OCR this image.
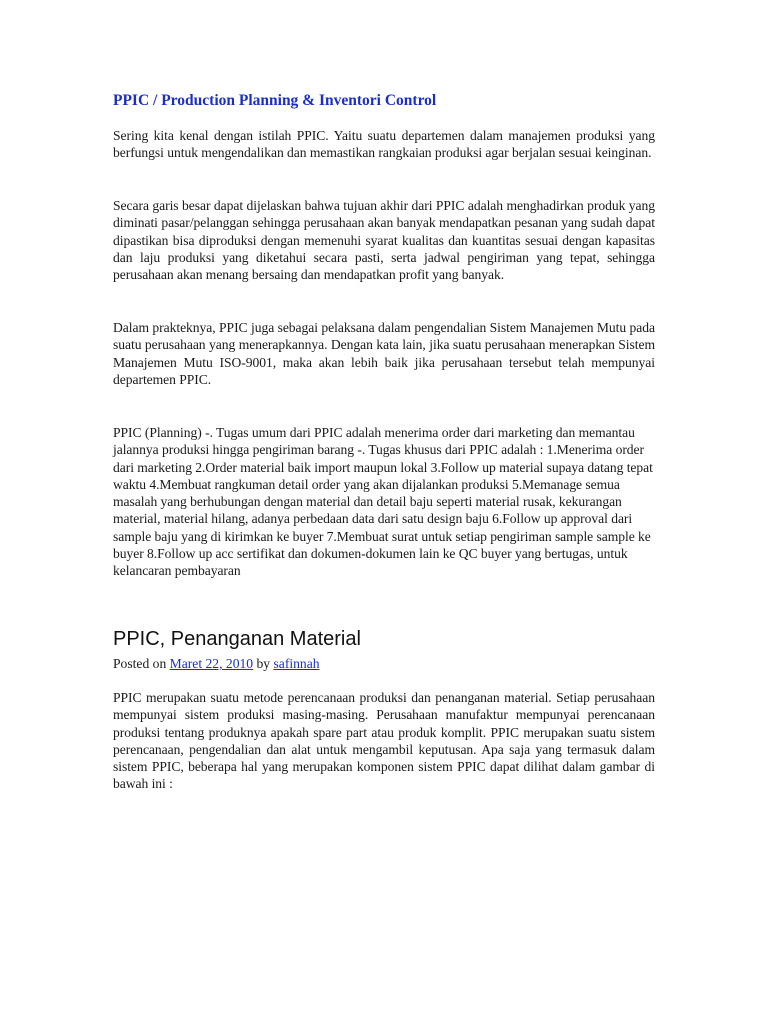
PPIC / Production Planning & Inventori Control

Sering kita kenal dengan istilah PPIC. Yaitu suatu departemen dalam manajemen produksi yang berfungsi untuk mengendalikan dan memastikan rangkaian produksi agar berjalan sesuai keinginan.

Secara garis besar dapat dijelaskan bahwa tujuan akhir dari PPIC adalah menghadirkan produk yang diminati pasar/pelanggan sehingga perusahaan akan banyak mendapatkan pesanan yang sudah dapat dipastikan bisa diproduksi dengan memenuhi syarat kualitas dan kuantitas sesuai dengan kapasitas dan laju produksi yang diketahui secara pasti, serta jadwal pengiriman yang tepat, sehingga perusahaan akan menang bersaing dan mendapatkan profit yang banyak.

Dalam prakteknya, PPIC juga sebagai pelaksana dalam pengendalian Sistem Manajemen Mutu pada suatu perusahaan yang menerapkannya. Dengan kata lain, jika suatu perusahaan menerapkan Sistem Manajemen Mutu ISO-9001, maka akan lebih baik jika perusahaan tersebut telah mempunyai departemen PPIC.

PPIC (Planning) -. Tugas umum dari PPIC adalah menerima order dari marketing dan memantau jalannya produksi hingga pengiriman barang -. Tugas khusus dari PPIC adalah : 1.Menerima order dari marketing 2.Order material baik import maupun lokal 3.Follow up material supaya datang tepat waktu 4.Membuat rangkuman detail order yang akan dijalankan produksi 5.Memanage semua masalah yang berhubungan dengan material dan detail baju seperti material rusak, kekurangan material, material hilang, adanya perbedaan data dari satu design baju 6.Follow up approval dari sample baju yang di kirimkan ke buyer 7.Membuat surat untuk setiap pengiriman sample sample ke buyer 8.Follow up acc sertifikat dan dokumen-dokumen lain ke QC buyer yang bertugas, untuk kelancaran pembayaran

PPIC, Penanganan Material
Posted on Maret 22, 2010 by safinnah

PPIC merupakan suatu metode perencanaan produksi dan penanganan material. Setiap perusahaan mempunyai sistem produksi masing-masing. Perusahaan manufaktur mempunyai perencanaan produksi tentang produknya apakah spare part atau produk komplit. PPIC merupakan suatu sistem perencanaan, pengendalian dan alat untuk mengambil keputusan. Apa saja yang termasuk dalam sistem PPIC, beberapa hal yang merupakan komponen sistem PPIC dapat dilihat dalam gambar di bawah ini :
